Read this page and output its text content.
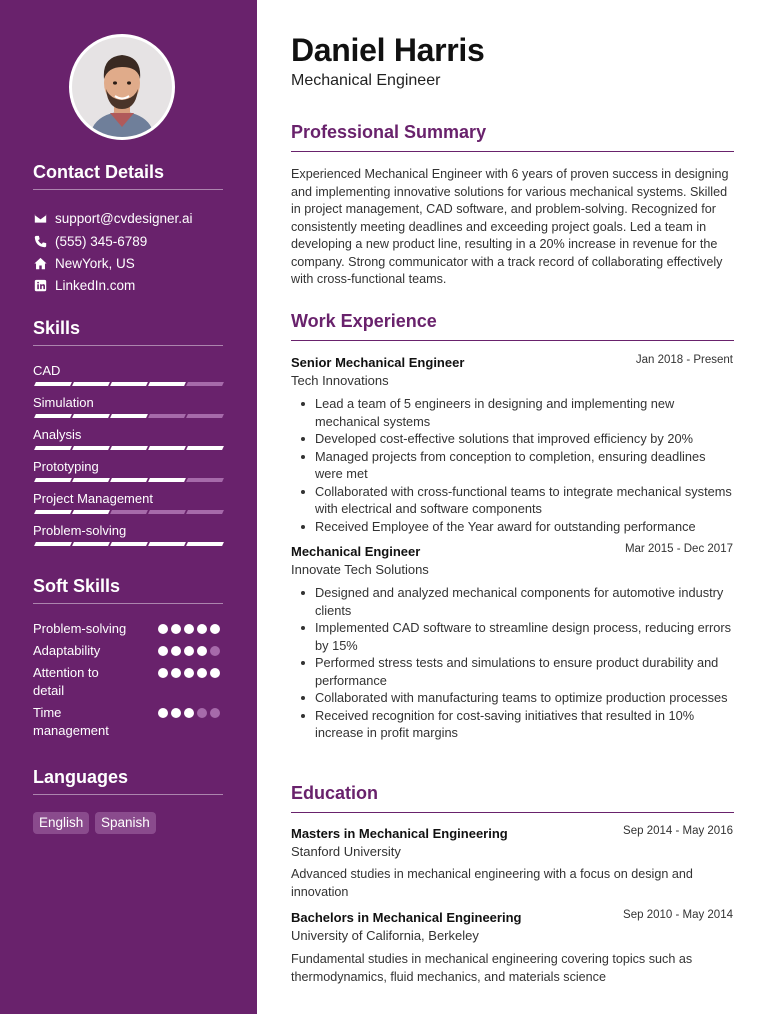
Contact Details
support@cvdesigner.ai
(555) 345-6789
NewYork, US
LinkedIn.com
Skills
CAD
Simulation
Analysis
Prototyping
Project Management
Problem-solving
Soft Skills
Problem-solving
Adaptability
Attention to detail
Time management
Languages
English	Spanish
Daniel Harris
Mechanical Engineer
Professional Summary

Experienced Mechanical Engineer with 6 years of proven success in designing and implementing innovative solutions for various mechanical systems. Skilled in project management, CAD software, and problem-solving. Recognized for consistently meeting deadlines and exceeding project goals. Led a team in developing a new product line, resulting in a 20% increase in revenue for the company. Strong communicator with a track record of collaborating effectively with cross-functional teams.

Work Experience
Senior Mechanical Engineer	Jan 2018 - Present
Tech Innovations
Lead a team of 5 engineers in designing and implementing new mechanical systems
Developed cost-effective solutions that improved efficiency by 20%
Managed projects from conception to completion, ensuring deadlines were met
Collaborated with cross-functional teams to integrate mechanical systems with electrical and software components
Received Employee of the Year award for outstanding performance
Mechanical Engineer	Mar 2015 - Dec 2017
Innovate Tech Solutions
Designed and analyzed mechanical components for automotive industry clients
Implemented CAD software to streamline design process, reducing errors by 15%
Performed stress tests and simulations to ensure product durability and performance
Collaborated with manufacturing teams to optimize production processes
Received recognition for cost-saving initiatives that resulted in 10% increase in profit margins
Education
Masters in Mechanical Engineering	Sep 2014 - May 2016
Stanford University

Advanced studies in mechanical engineering with a focus on design and innovation

Bachelors in Mechanical Engineering	Sep 2010 - May 2014
University of California, Berkeley

Fundamental studies in mechanical engineering covering topics such as thermodynamics, fluid mechanics, and materials science
